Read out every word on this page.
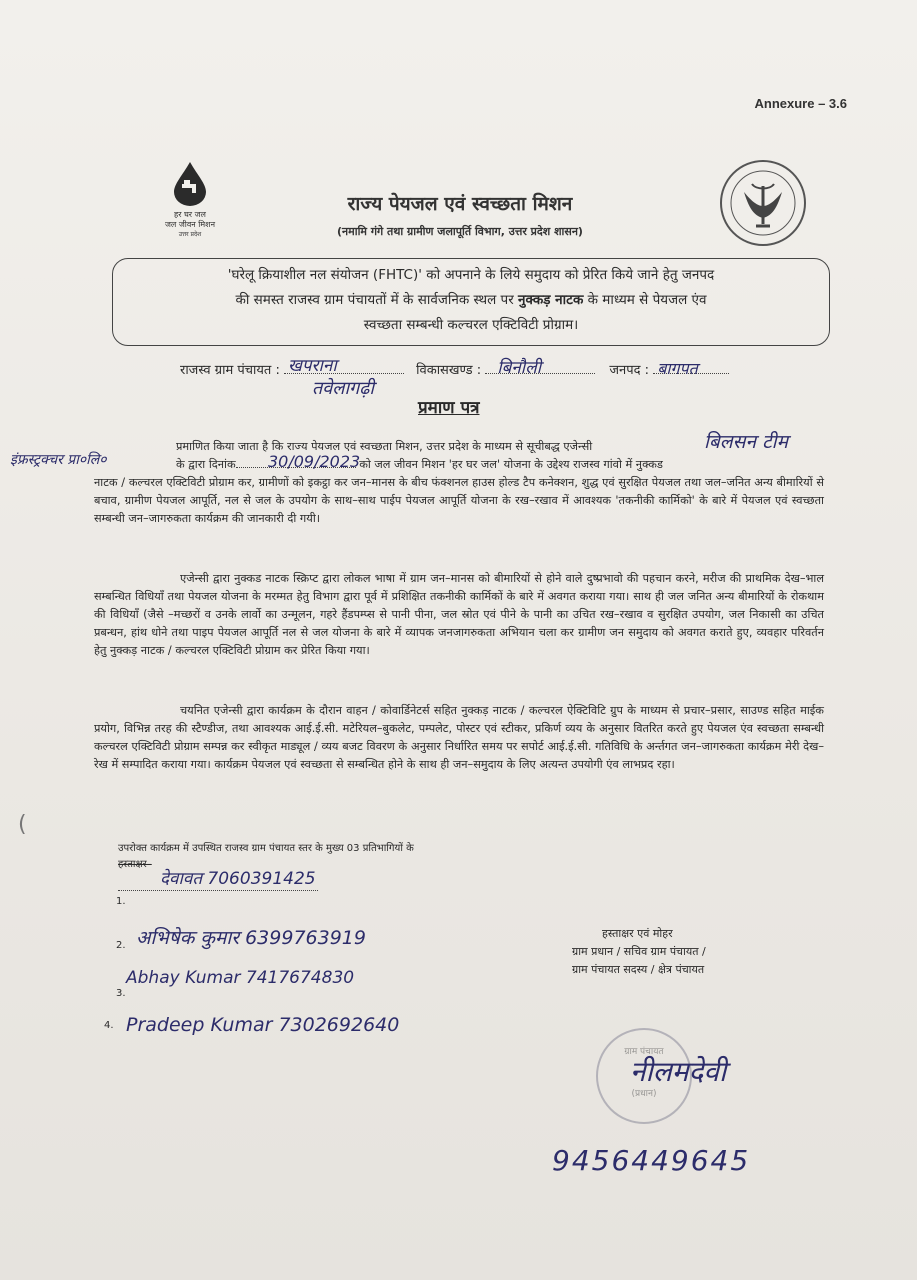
Annexure – 3.6
हर घर जल
जल जीवन मिशन
उत्तर प्रदेश
राज्य पेयजल एवं स्वच्छता मिशन
(नमामि गंगे तथा ग्रामीण जलापूर्ति विभाग, उत्तर प्रदेश शासन)
'घरेलू क्रियाशील नल संयोजन (FHTC)' को अपनाने के लिये समुदाय को प्रेरित किये जाने हेतु जनपद
की समस्त राजस्व ग्राम पंचायतों में के सार्वजनिक स्थल पर नुक्कड़ नाटक के माध्यम से पेयजल एंव
स्वच्छता सम्बन्धी कल्चरल एक्टिविटी प्रोग्राम।
राजस्व ग्राम पंचायत : खपराना	विकासखण्ड : बिनौली	जनपद : बागपत
तवेलागढ़ी
प्रमाण पत्र
बिलसन टीम
इंफ्रस्ट्रक्चर प्रा०लि०	30/09/2023
प्रमाणित किया जाता है कि राज्य पेयजल एवं स्वच्छता मिशन, उत्तर प्रदेश के माध्यम से सूचीबद्ध एजेन्सी
के द्वारा दिनांक	को जल जीवन मिशन 'हर घर जल' योजना के उद्देश्य राजस्व गांवो में नुक्कड
नाटक / कल्चरल एक्टिविटी प्रोग्राम कर, ग्रामीणों को इकट्ठा कर जन–मानस के बीच फंक्शनल हाउस होल्ड टैप कनेक्शन, शुद्ध एवं सुरक्षित पेयजल तथा जल–जनित अन्य बीमारियों से बचाव, ग्रामीण पेयजल आपूर्ति, नल से जल के उपयोग के साथ–साथ पाईप पेयजल आपूर्ति योजना के रख–रखाव में आवश्यक 'तकनीकी कार्मिको' के बारे में पेयजल एवं स्वच्छता सम्बन्धी जन–जागरुकता कार्यक्रम की जानकारी दी गयी।
एजेन्सी द्वारा नुक्कड नाटक स्क्रिप्ट द्वारा लोकल भाषा में ग्राम जन–मानस को बीमारियों से होने वाले दुष्प्रभावो की पहचान करने, मरीज की प्राथमिक देख–भाल सम्बन्धित विधियाँ तथा पेयजल योजना के मरम्मत हेतु विभाग द्वारा पूर्व में प्रशिक्षित तकनीकी कार्मिकों के बारे में अवगत कराया गया। साथ ही जल जनित अन्य बीमारियों के रोकथाम की विधियाँ (जैसे –मच्छरों व उनके लार्वो का उन्मूलन, गहरे हैंडपम्प्स से पानी पीना, जल स्रोत एवं पीने के पानी का उचित रख–रखाव व सुरक्षित उपयोग, जल निकासी का उचित प्रबन्धन, हांथ धोने तथा पाइप पेयजल आपूर्ति नल से जल योजना के बारे में व्यापक जनजागरुकता अभियान चला कर ग्रामीण जन समुदाय को अवगत कराते हुए, व्यवहार परिवर्तन हेतु नुक्कड़ नाटक / कल्चरल एक्टिविटी प्रोग्राम कर प्रेरित किया गया।
चयनित एजेन्सी द्वारा कार्यक्रम के दौरान वाहन / कोवार्डिनेटर्स सहित नुक्कड़ नाटक / कल्चरल ऐक्टिविटि ग्रुप के माध्यम से प्रचार–प्रसार, साउण्ड सहित माईक प्रयोग, विभिन्न तरह की स्टैण्डीज, तथा आवश्यक आई.ई.सी. मटेरियल–बुकलेट, पम्पलेट, पोस्टर एवं स्टीकर, प्रकिर्ण व्यय के अनुसार वितरित करते हुए पेयजल एंव स्वच्छता सम्बन्धी कल्चरल एक्टिविटी प्रोग्राम सम्पन्न कर स्वीकृत माड्यूल / व्यय बजट विवरण के अनुसार निर्धारित समय पर सपोर्ट आई.ई.सी. गतिविधि के अर्न्तगत जन–जागरुकता कार्यक्रम मेरी देख–रेख में सम्पादित कराया गया। कार्यक्रम पेयजल एवं स्वच्छता से सम्बन्धित होने के साथ ही जन–समुदाय के लिए अत्यन्त उपयोगी एंव लाभप्रद रहा।
(
उपरोक्त कार्यक्रम में उपस्थित राजस्व ग्राम पंचायत स्तर के मुख्य 03 प्रतिभागियों के
हस्ताक्षर–
1.
देवावत 7060391425
2. अभिषेक कुमार 6399763919
3.
Abhay Kumar 7417674830
4. Pradeep Kumar 7302692640
हस्ताक्षर एवं मोहर
ग्राम प्रधान / सचिव ग्राम पंचायत /
ग्राम पंचायत सदस्य / क्षेत्र पंचायत
ग्राम पंचायत
(प्रधान)
नीलमदेवी
9456449645
